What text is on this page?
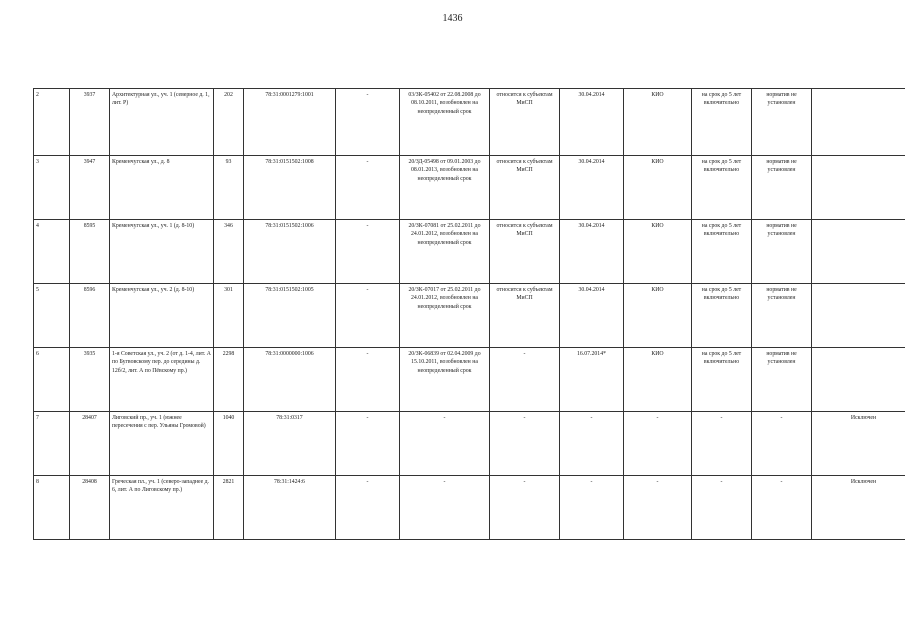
1436
2	3937	Архитектурная ул., уч. 1 (северное д. 1, лит. Р)	202	78:31:0001279:1001	-	03/ЗК-05402 от 22.08.2008 до 08.10.2011, возобновлен на неопределенный срок	относится к субъектам МиСП	30.04.2014	КИО	на срок до 5 лет включительно	норматив не установлен	
3	3947	Кременчугская ул., д. 8	93	78:31:0151502:1008	-	20/ЗД-05498 от 09.01.2003 до 08.01.2013, возобновлен на неопределенный срок	относится к субъектам МиСП	30.04.2014	КИО	на срок до 5 лет включительно	норматив не установлен	
4	8595	Кременчугская ул., уч. 1 (д. 8-10)	346	78:31:0151502:1006	-	20/ЗК-07081 от 25.02.2011 до 24.01.2012, возобновлен на неопределенный срок	относится к субъектам МиСП	30.04.2014	КИО	на срок до 5 лет включительно	норматив не установлен	
5	8596	Кременчугская ул., уч. 2 (д. 8-10)	301	78:31:0151502:1005	-	20/ЗК-07017 от 25.02.2011 до 24.01.2012, возобновлен на неопределенный срок	относится к субъектам МиСП	30.04.2014	КИО	на срок до 5 лет включительно	норматив не установлен	
6	3935	1-я Советская ул., уч. 2 (от д. 1-4, лит. А по Бугвовскому пер. до середины д. 12б/2, лит. А по Пёвскому пр.)	2298	78:31:0000000:1006	-	20/ЗК-06839 от 02.04.2009 до 15.10.2011, возобновлен на неопределенный срок	-	16.07.2014*	КИО	на срок до 5 лет включительно	норматив не установлен	
7	28407	Лиговский пр., уч. 1 (южнее пересечения с пер. Ульяны Громовой)	1040	78:31:0317	-	-	-	-	-	-	-	Исключен
8	28408	Греческая пл., уч. 1 (северо-западнее д. 6, лит. А по Лиговскому пр.)	2821	78:31:1424:6	-	-	-	-	-	-	-	Исключен
